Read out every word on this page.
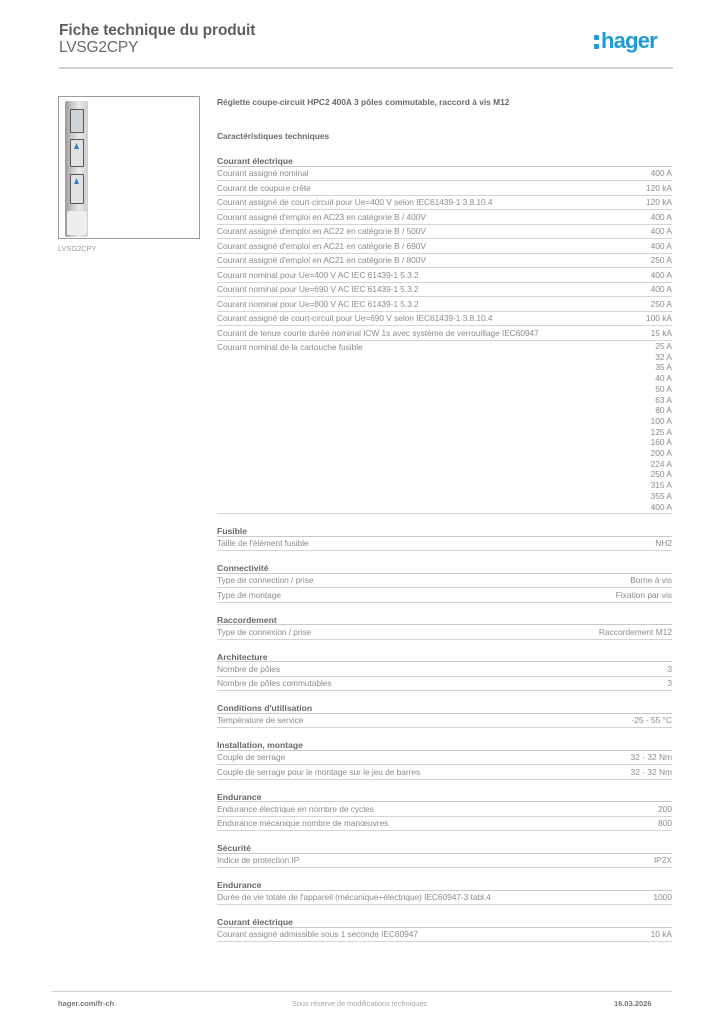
Fiche technique du produit
LVSG2CPY	hager
LVSG2CPY
Réglette coupe-circuit HPC2 400A 3 pôles commutable, raccord à vis M12
Caractéristiques techniques
Courant électrique
Courant assigné nominal	400 A
Courant de coupure crête	120 kA
Courant assigné de court-circuit pour Ue=400 V selon IEC61439-1 3.8.10.4	120 kA
Courant assigné d'emploi en AC23 en catégorie B / 400V	400 A
Courant assigné d'emploi en AC22 en catégorie B / 500V	400 A
Courant assigné d'emploi en AC21 en catégorie B / 690V	400 A
Courant assigné d'emploi en AC21 en catégorie B / 800V	250 A
Courant nominal pour Ue=400 V AC IEC 61439-1 5.3.2	400 A
Courant nominal pour Ue=690 V AC IEC 61439-1 5.3.2	400 A
Courant nominal pour Ue=800 V AC IEC 61439-1 5.3.2	250 A
Courant assigné de court-circuit pour Ue=690 V selon IEC61439-1 3.8.10.4	100 kA
Courant de tenue courte durée nominal ICW 1s avec système de verrouillage IEC60947	15 kA
Courant nominal de la cartouche fusible	25 A
32 A
35 A
40 A
50 A
63 A
80 A
100 A
125 A
160 A
200 A
224 A
250 A
315 A
355 A
400 A
Fusible
Taille de l'élément fusible	NH2
Connectivité
Type de connection / prise	Borne à vis
Type de montage	Fixation par vis
Raccordement
Type de connexion / prise	Raccordement M12
Architecture
Nombre de pôles	3
Nombre de pôles commutables	3
Conditions d'utilisation
Température de service	-25 - 55 °C
Installation, montage
Couple de serrage	32 - 32 Nm
Couple de serrage pour le montage sur le jeu de barres	32 - 32 Nm
Endurance
Endurance électrique en nombre de cycles	200
Endurance mécanique nombre de manœuvres	800
Sécurité
Indice de protection IP	IP2X
Endurance
Durée de vie totale de l'appareil (mécanique+électrique) IEC60947-3 tabl.4	1000
Courant électrique
Courant assigné admissible sous 1 seconde IEC60947	10 kA
hager.com/fr-ch	Sous réserve de modifications techniques	16.03.2026
